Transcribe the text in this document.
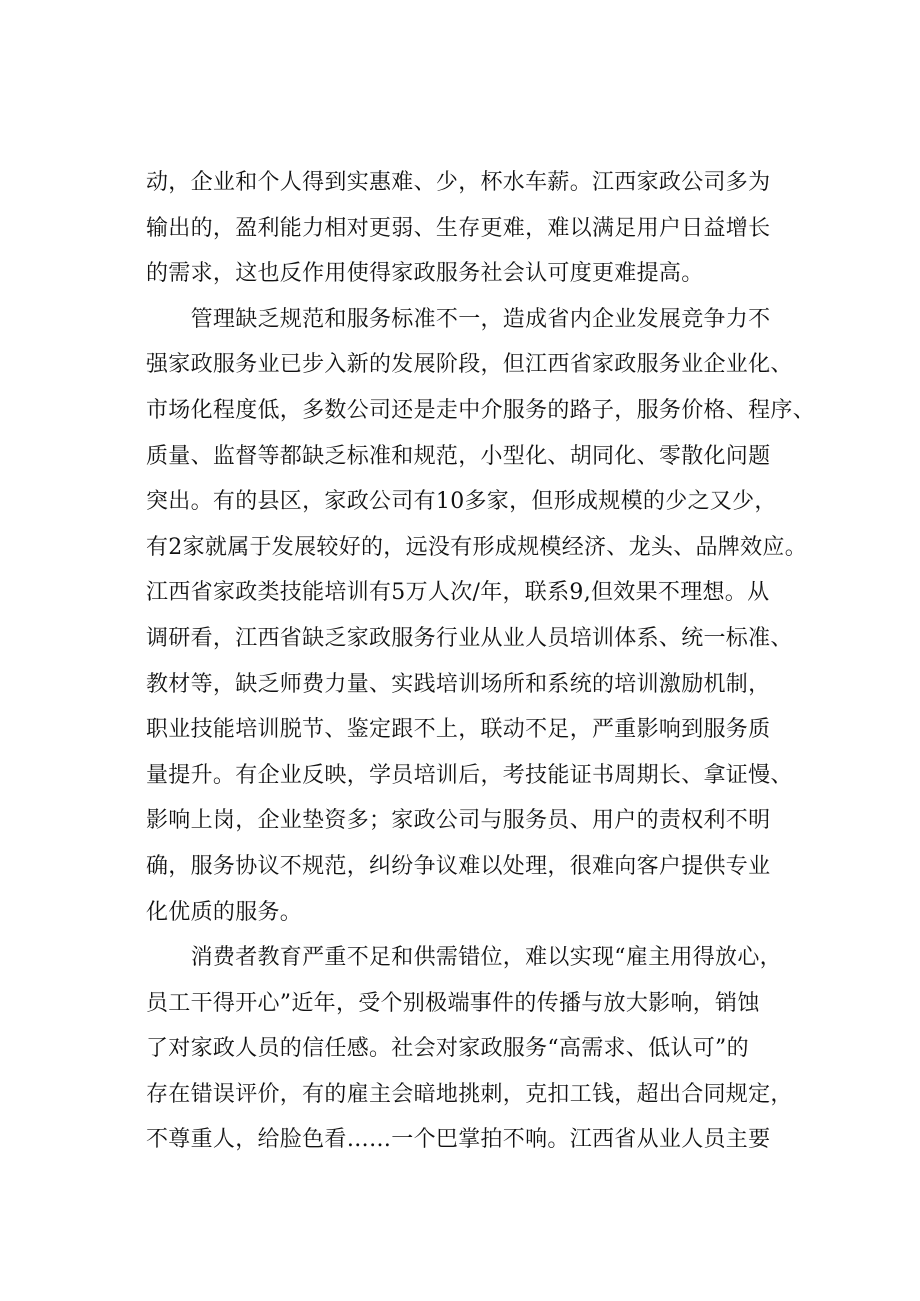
动，企业和个人得到实惠难、少，杯水车薪。江西家政公司多为
输出的，盈利能力相对更弱、生存更难，难以满足用户日益增长
的需求，这也反作用使得家政服务社会认可度更难提高。
　　管理缺乏规范和服务标准不一，造成省内企业发展竞争力不
强家政服务业已步入新的发展阶段，但江西省家政服务业企业化、
市场化程度低，多数公司还是走中介服务的路子，服务价格、程序、
质量、监督等都缺乏标准和规范，小型化、胡同化、零散化问题
突出。有的县区，家政公司有10多家，但形成规模的少之又少，
有2家就属于发展较好的，远没有形成规模经济、龙头、品牌效应。
江西省家政类技能培训有5万人次/年，联系9,但效果不理想。从
调研看，江西省缺乏家政服务行业从业人员培训体系、统一标准、
教材等，缺乏师费力量、实践培训场所和系统的培训激励机制，
职业技能培训脱节、鉴定跟不上，联动不足，严重影响到服务质
量提升。有企业反映，学员培训后，考技能证书周期长、拿证慢、
影响上岗，企业垫资多；家政公司与服务员、用户的责权利不明
确，服务协议不规范，纠纷争议难以处理，很难向客户提供专业
化优质的服务。
　　消费者教育严重不足和供需错位，难以实现“雇主用得放心，
员工干得开心”近年，受个别极端事件的传播与放大影响，销蚀
了对家政人员的信任感。社会对家政服务“高需求、低认可”的
存在错误评价，有的雇主会暗地挑刺，克扣工钱，超出合同规定，
不尊重人，给脸色看……一个巴掌拍不响。江西省从业人员主要
